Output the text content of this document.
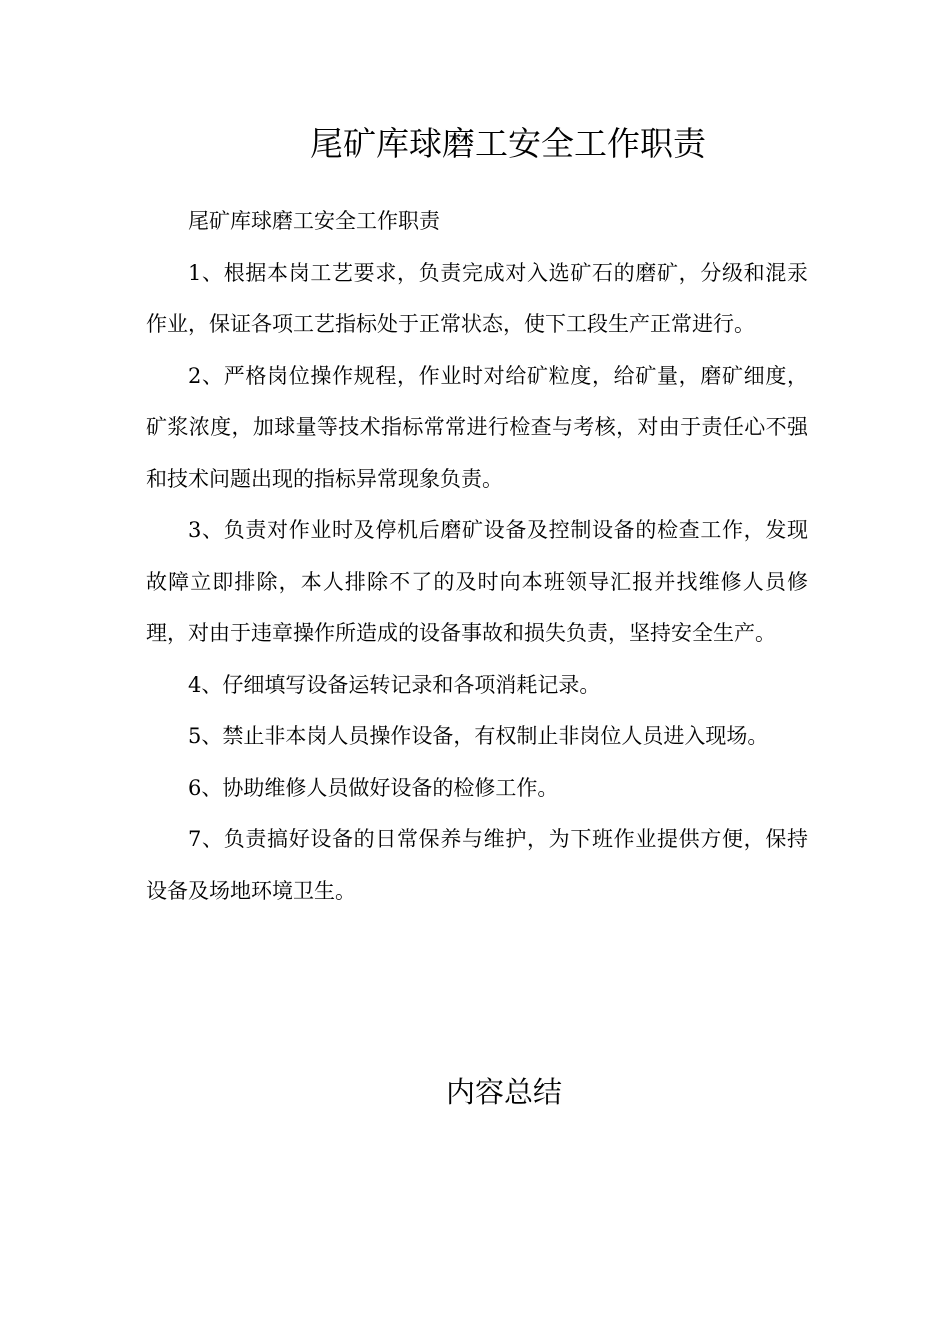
尾矿库球磨工安全工作职责

尾矿库球磨工安全工作职责

1、根据本岗工艺要求，负责完成对入选矿石的磨矿，分级和混汞作业，保证各项工艺指标处于正常状态，使下工段生产正常进行。

2、严格岗位操作规程，作业时对给矿粒度，给矿量，磨矿细度，矿浆浓度，加球量等技术指标常常进行检查与考核，对由于责任心不强和技术问题出现的指标异常现象负责。

3、负责对作业时及停机后磨矿设备及控制设备的检查工作，发现故障立即排除，本人排除不了的及时向本班领导汇报并找维修人员修理，对由于违章操作所造成的设备事故和损失负责，坚持安全生产。

4、仔细填写设备运转记录和各项消耗记录。

5、禁止非本岗人员操作设备，有权制止非岗位人员进入现场。

6、协助维修人员做好设备的检修工作。

7、负责搞好设备的日常保养与维护，为下班作业提供方便，保持设备及场地环境卫生。

内容总结
